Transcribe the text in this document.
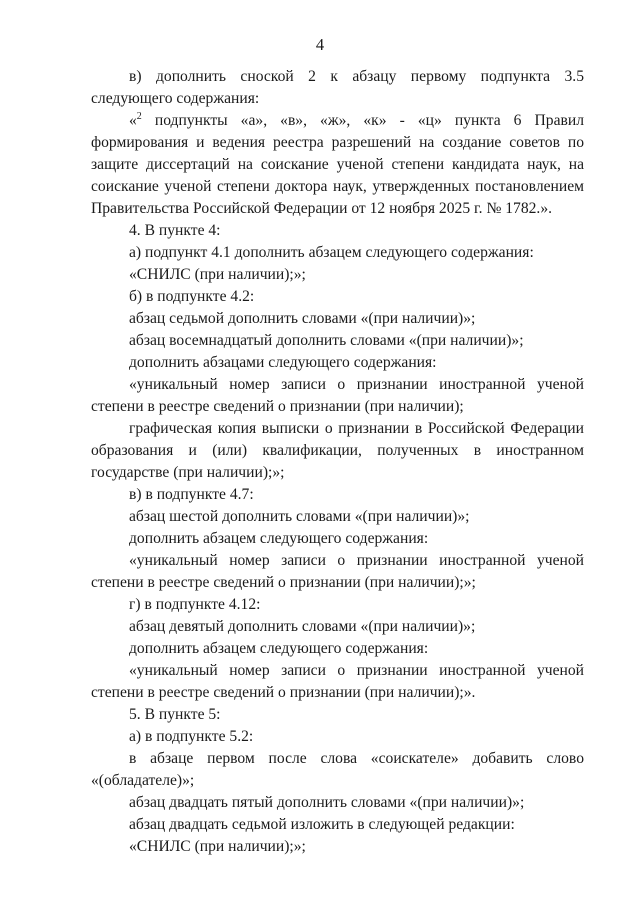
4

в) дополнить сноской 2 к абзацу первому подпункта 3.5 следующего содержания:

«$^2$ подпункты «а», «в», «ж», «к» - «ц» пункта 6 Правил формирования и ведения реестра разрешений на создание советов по защите диссертаций на соискание ученой степени кандидата наук, на соискание ученой степени доктора наук, утвержденных постановлением Правительства Российской Федерации от 12 ноября 2025 г. № 1782.».

4. В пункте 4:

а) подпункт 4.1 дополнить абзацем следующего содержания:

«СНИЛС (при наличии);»;

б) в подпункте 4.2:

абзац седьмой дополнить словами «(при наличии)»;

абзац восемнадцатый дополнить словами «(при наличии)»;

дополнить абзацами следующего содержания:

«уникальный номер записи о признании иностранной ученой степени в реестре сведений о признании (при наличии);

графическая копия выписки о признании в Российской Федерации образования и (или) квалификации, полученных в иностранном государстве (при наличии);»;

в) в подпункте 4.7:

абзац шестой дополнить словами «(при наличии)»;

дополнить абзацем следующего содержания:

«уникальный номер записи о признании иностранной ученой степени в реестре сведений о признании (при наличии);»;

г) в подпункте 4.12:

абзац девятый дополнить словами «(при наличии)»;

дополнить абзацем следующего содержания:

«уникальный номер записи о признании иностранной ученой степени в реестре сведений о признании (при наличии);».

5. В пункте 5:

а) в подпункте 5.2:

в абзаце первом после слова «соискателе» добавить слово «(обладателе)»;

абзац двадцать пятый дополнить словами «(при наличии)»;

абзац двадцать седьмой изложить в следующей редакции:

«СНИЛС (при наличии);»;
